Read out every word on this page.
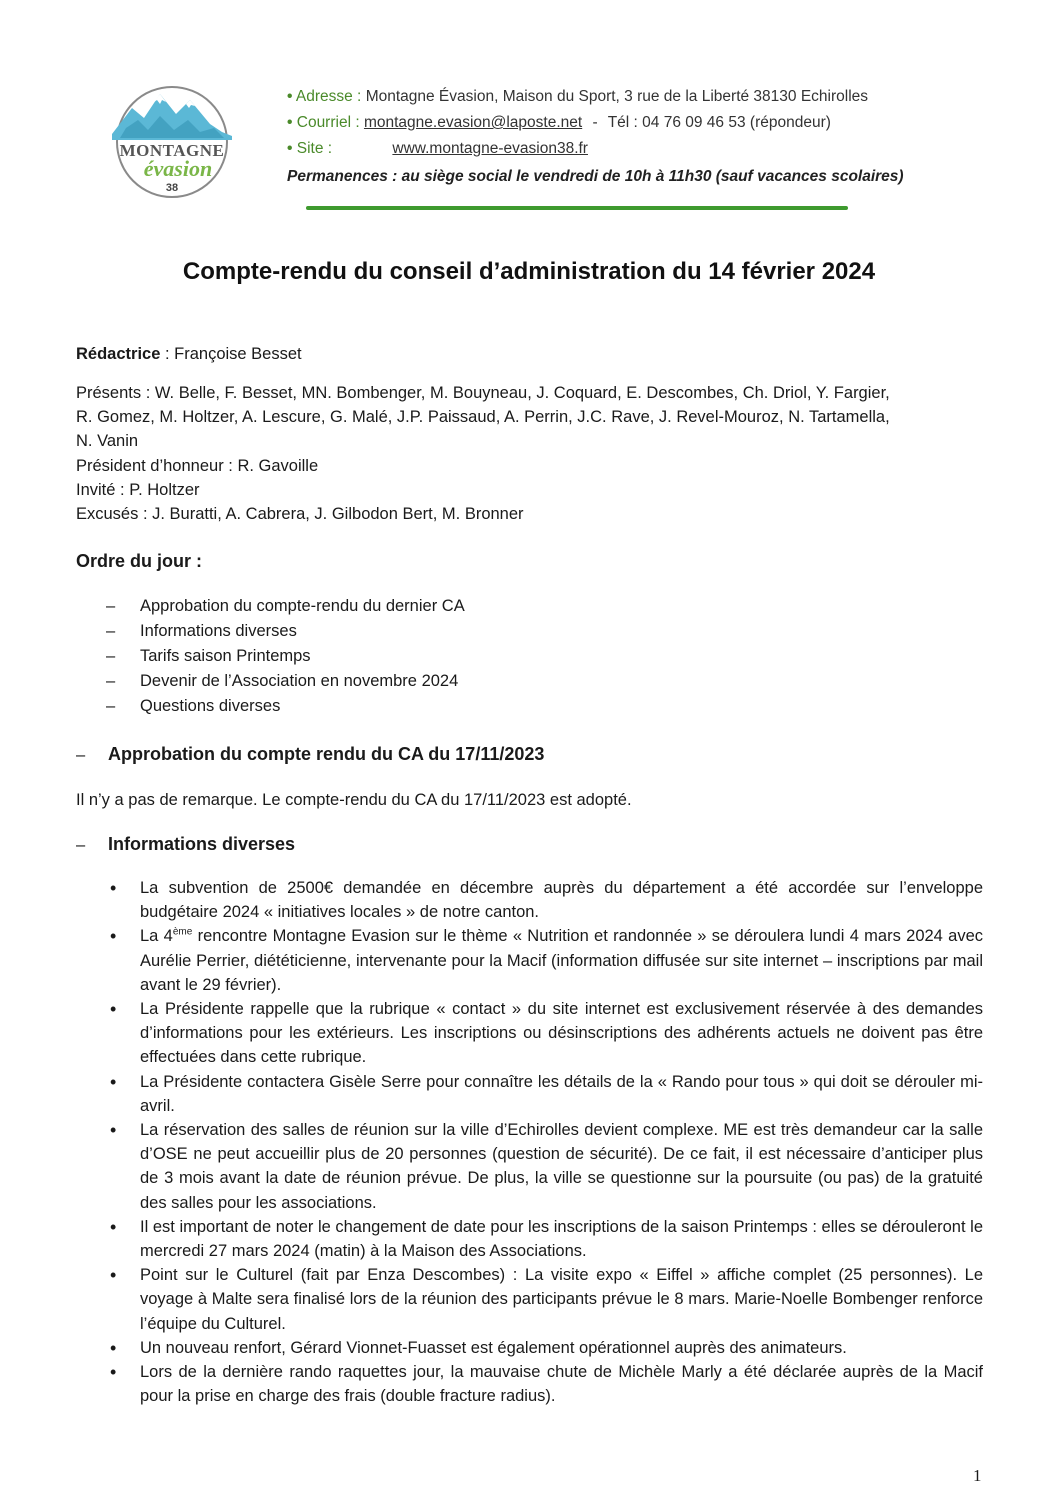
MONTAGNE
évasion
38
• Adresse : Montagne Évasion, Maison du Sport, 3 rue de la Liberté 38130 Echirolles
• Courriel : montagne.evasion@laposte.net - Tél : 04 76 09 46 53 (répondeur)
• Site :	www.montagne-evasion38.fr
Permanences : au siège social le vendredi de 10h à 11h30 (sauf vacances scolaires)
Compte-rendu du conseil d’administration du 14 février 2024
Rédactrice : Françoise Besset
Présents : W. Belle, F. Besset, MN. Bombenger, M. Bouyneau, J. Coquard, E. Descombes, Ch. Driol, Y. Fargier,
R. Gomez, M. Holtzer, A. Lescure, G. Malé, J.P. Paissaud, A. Perrin, J.C. Rave, J. Revel-Mouroz, N. Tartamella,
N. Vanin
Président d’honneur : R. Gavoille
Invité : P. Holtzer
Excusés : J. Buratti, A. Cabrera, J. Gilbodon Bert, M. Bronner
Ordre du jour :
– Approbation du compte-rendu du dernier CA
– Informations diverses
– Tarifs saison Printemps
– Devenir de l’Association en novembre 2024
– Questions diverses
– Approbation du compte rendu du CA du 17/11/2023
Il n’y a pas de remarque. Le compte-rendu du CA du 17/11/2023 est adopté.
– Informations diverses
• La subvention de 2500€ demandée en décembre auprès du département a été accordée sur l’enveloppe budgétaire 2024 « initiatives locales » de notre canton.
• La 4ème rencontre Montagne Evasion sur le thème « Nutrition et randonnée » se déroulera lundi 4 mars 2024 avec Aurélie Perrier, diététicienne, intervenante pour la Macif (information diffusée sur site internet – inscriptions par mail avant le 29 février).
• La Présidente rappelle que la rubrique « contact » du site internet est exclusivement réservée à des demandes d’informations pour les extérieurs. Les inscriptions ou désinscriptions des adhérents actuels ne doivent pas être effectuées dans cette rubrique.
• La Présidente contactera Gisèle Serre pour connaître les détails de la « Rando pour tous » qui doit se dérouler mi-avril.
• La réservation des salles de réunion sur la ville d’Echirolles devient complexe. ME est très demandeur car la salle d’OSE ne peut accueillir plus de 20 personnes (question de sécurité). De ce fait, il est nécessaire d’anticiper plus de 3 mois avant la date de réunion prévue. De plus, la ville se questionne sur la poursuite (ou pas) de la gratuité des salles pour les associations.
• Il est important de noter le changement de date pour les inscriptions de la saison Printemps : elles se dérouleront le mercredi 27 mars 2024 (matin) à la Maison des Associations.
• Point sur le Culturel (fait par Enza Descombes) : La visite expo « Eiffel » affiche complet (25 personnes). Le voyage à Malte sera finalisé lors de la réunion des participants prévue le 8 mars. Marie-Noelle Bombenger renforce l’équipe du Culturel.
• Un nouveau renfort, Gérard Vionnet-Fuasset est également opérationnel auprès des animateurs.
• Lors de la dernière rando raquettes jour, la mauvaise chute de Michèle Marly a été déclarée auprès de la Macif pour la prise en charge des frais (double fracture radius).
1
